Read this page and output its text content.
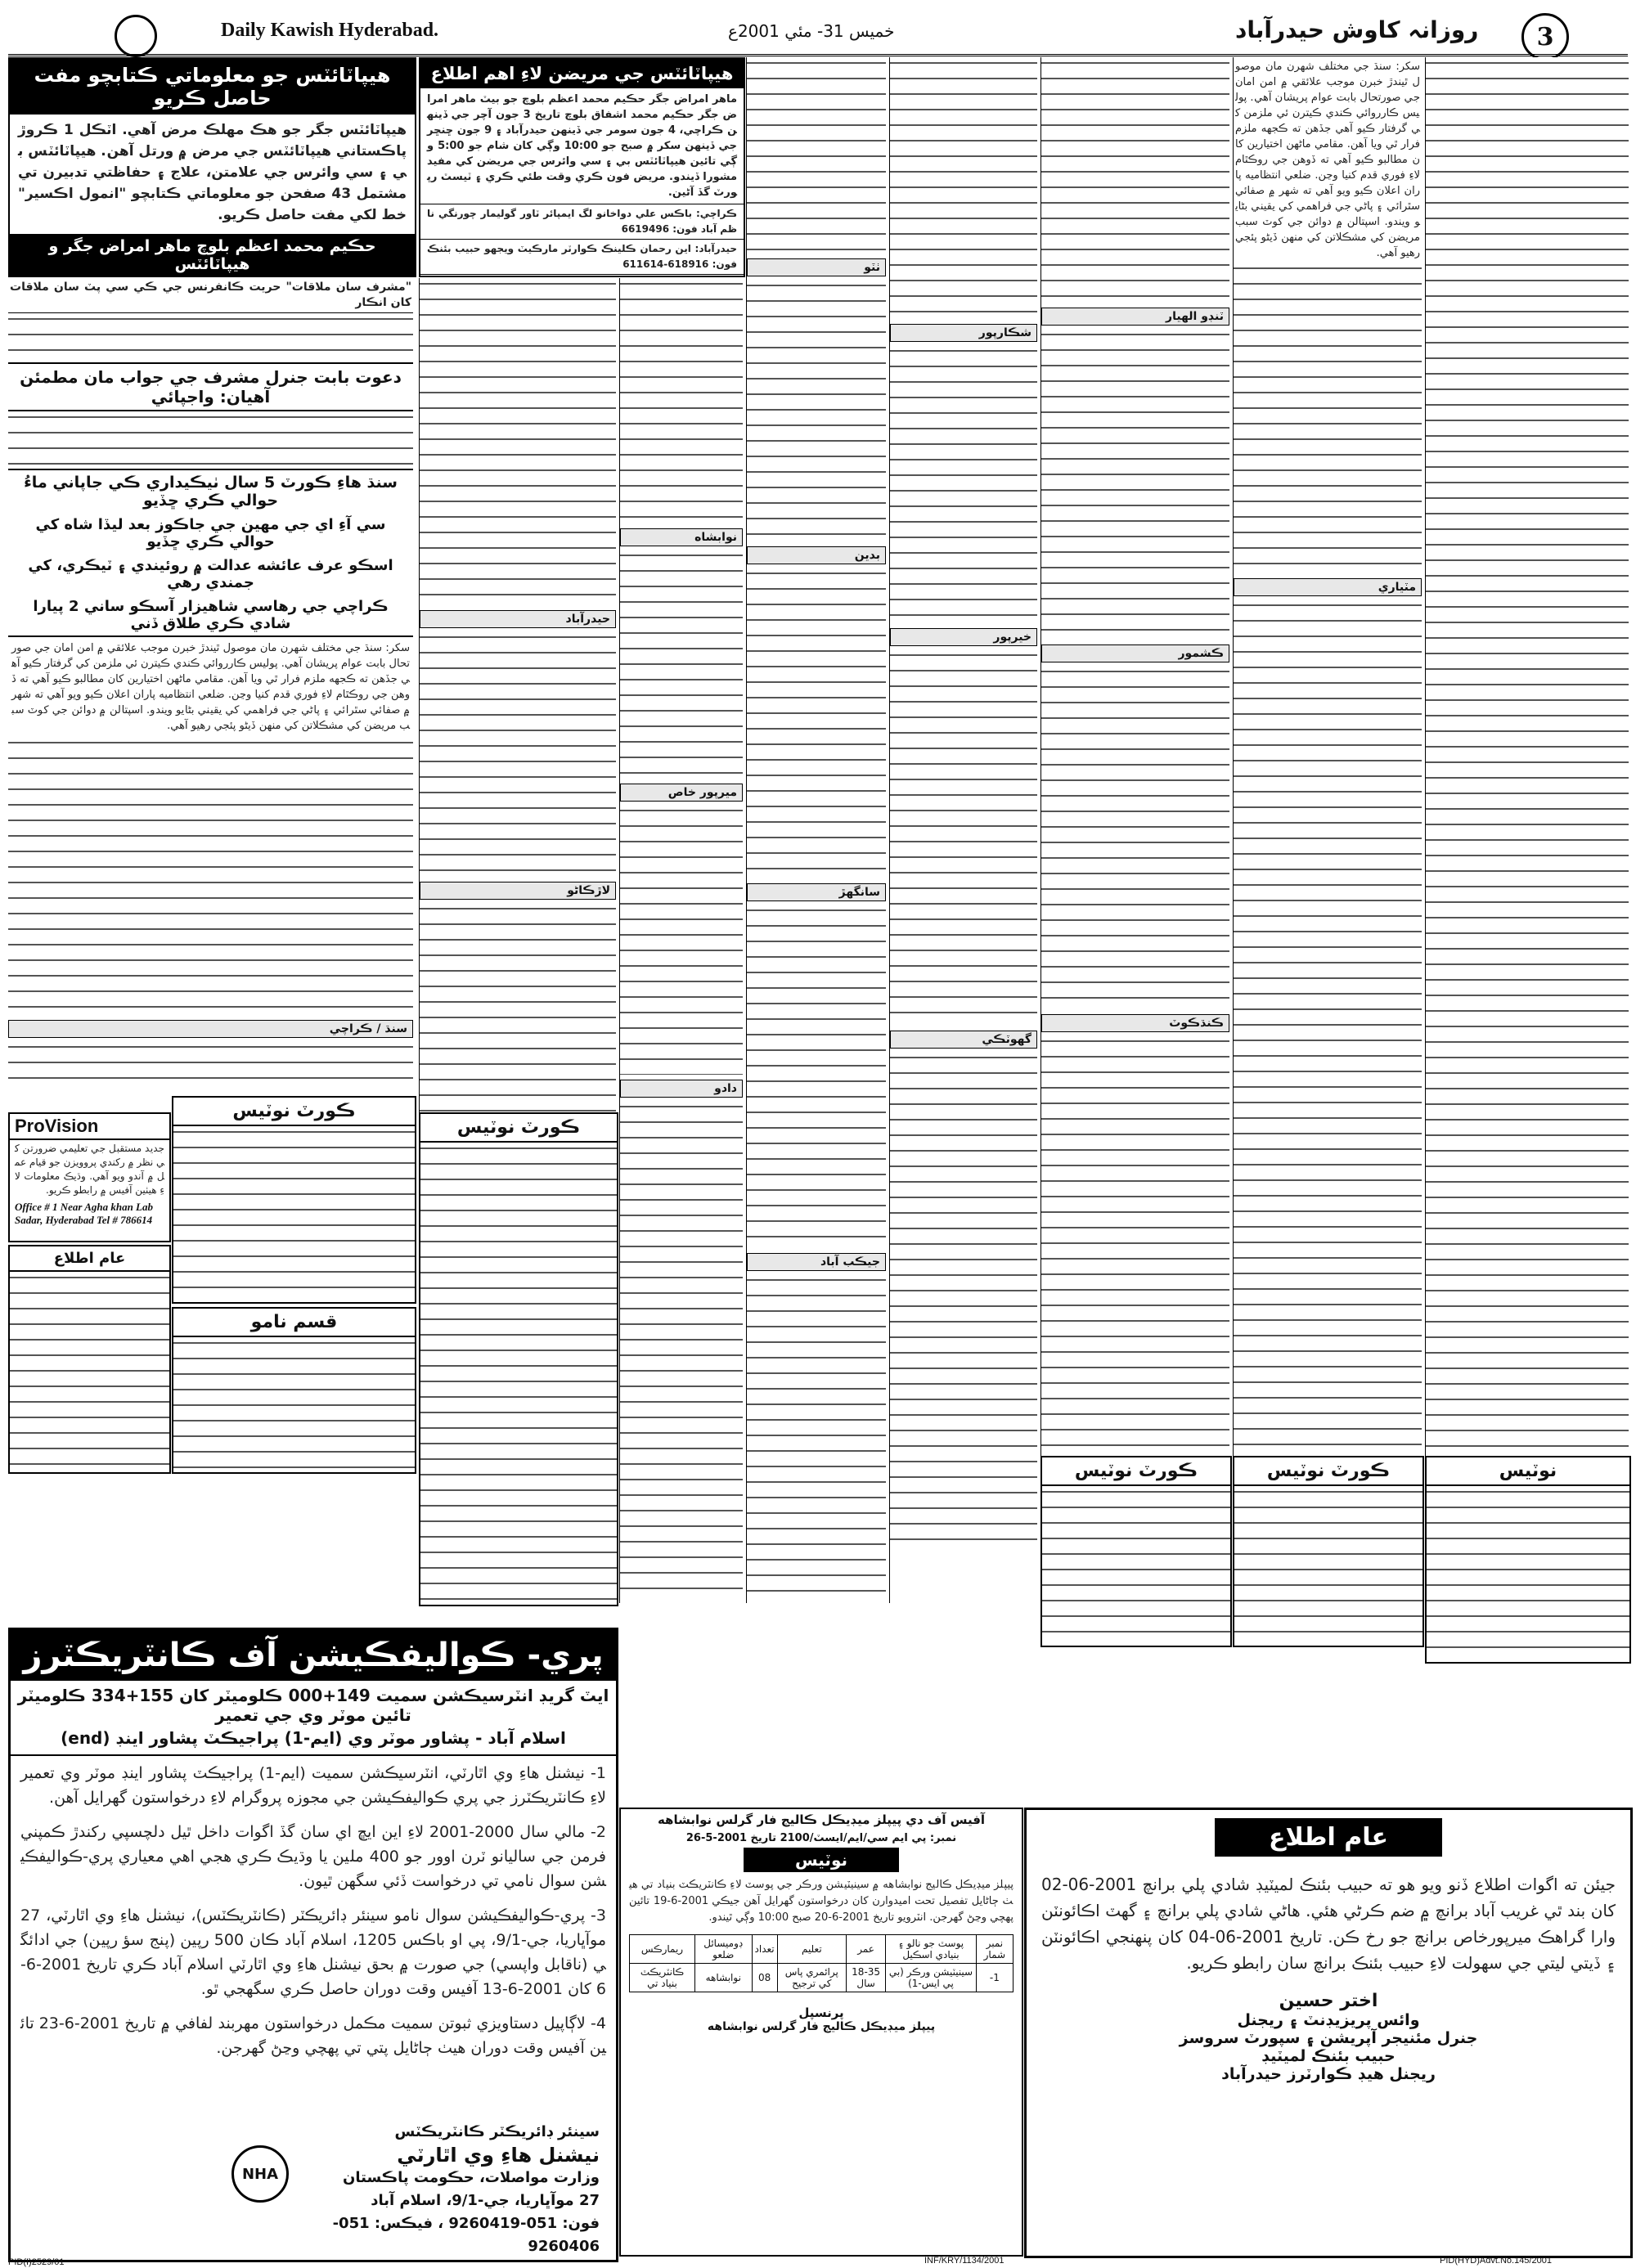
Daily Kawish Hyderabad.	خميس 31- مئي 2001ع	روزانہ کاوش حيدرآباد	3
هيپاٽائٽس جو معلوماتي ڪتابچو مفت حاصل ڪريو
هيپاٽائٽس جگر جو هڪ مهلڪ مرض آهي. اٽڪل 1 ڪروڙ پاڪستاني هيپاٽائٽس جي مرض ۾ ورتل آهن. هيپاٽائٽس بي ۽ سي وائرس جي علامتن، علاج ۽ حفاظتي تدبيرن تي مشتمل 43 صفحن جو معلوماتي ڪتابچو "انمول اڪسير" خط لکي مفت حاصل ڪريو.
حڪيم محمد اعظم بلوچ ماهر امراض جگر و هيپاٽائٽس
هيپاٽائٽس جي مريضن لاءِ اهم اطلاع
ماهر امراض جگر حڪيم محمد اعظم بلوچ جو بيٽ ماهر امراض جگر حڪيم محمد اشفاق بلوچ تاريخ 3 جون آچر جي ڏينهن ڪراچي، 4 جون سومر جي ڏينهن حيدرآباد ۽ 9 جون ڇنڇر جي ڏينهن سکر ۾ صبح جو 10:00 وڳي کان شام جو 5:00 وڳي تائين هيپاٽائٽس بي ۽ سي وائرس جي مريضن کي مفيد مشورا ڏيندو. مريض فون ڪري وقت طئي ڪري ۽ ٽيسٽ رپورٽ گڏ آڻين.
ڪراچي: باڪس علي دواخانو لگ ايمپائر ٽاور گوليمار چورنگي ناظم آباد فون: 6619496
حيدرآباد: اين رحمان ڪلينڪ ڪوارٽر مارڪيٽ ويجهو حبيب بئنڪ فون: 618916-611614
"مشرف سان ملاقات" حريت ڪانفرنس جي ڪي سي پٽ سان ملاقات کان انڪار
دعوت بابت جنرل مشرف جي جواب مان مطمئن آهيان: واجپائي
سنڌ هاءِ ڪورٽ 5 سال ٺيڪيداري ڪي جاپاني ماءُ حوالي ڪري ڇڏيو
سي آءِ اي جي مهين جي جاڪوز بعد ليڏا شاه کي حوالي ڪري ڇڏيو
اسڪو عرف عائشه عدالت ۾ روئيندي ۽ ٽيڪري، کي جمندي رهي
ڪراچي جي رهاسي شاهيزار آسڪو ساني 2 پيارا شادي ڪري طلاق ڏني
سکر: سنڌ جي مختلف شهرن مان موصول ٿيندڙ خبرن موجب علائقي ۾ امن امان جي صورتحال بابت عوام پريشان آهي. پوليس ڪارروائي ڪندي ڪيترن ئي ملزمن کي گرفتار ڪيو آهي جڏهن ته ڪجهه ملزم فرار ٿي ويا آهن. مقامي ماڻهن اختيارين کان مطالبو ڪيو آهي ته ڏوهن جي روڪٿام لاءِ فوري قدم کنيا وڃن. ضلعي انتظاميه پاران اعلان ڪيو ويو آهي ته شهر ۾ صفائي سٿرائي ۽ پاڻي جي فراهمي کي يقيني بڻايو ويندو. اسپتالن ۾ دوائن جي کوٽ سبب مريضن کي مشڪلاتن کي منهن ڏيڻو پئجي رهيو آهي.
سنڌ / ڪراچي
ProVision
جديد مستقبل جي تعليمي ضرورتن کي نظر ۾ رکندي پروويزن جو قيام عمل ۾ آندو ويو آهي. وڌيڪ معلومات لاءِ هيٺين آفيس ۾ رابطو ڪريو.
Office # 1 Near Agha khan Lab Sadar, Hyderabad Tel # 786614
ڪورٽ نوٽيس
قسم نامو
عام اطلاع
حيدرآباد
لاڙڪاڻو
ڪورٽ نوٽيس
نوابشاه
ميرپور خاص
دادو
ٺٽو
بدين
سانگهڙ
جيڪب آباد
شڪارپور
خيرپور
گهوٽڪي
ٽنڊو الهيار
ڪشمور
ڪنڌڪوٽ
سکر: سنڌ جي مختلف شهرن مان موصول ٿيندڙ خبرن موجب علائقي ۾ امن امان جي صورتحال بابت عوام پريشان آهي. پوليس ڪارروائي ڪندي ڪيترن ئي ملزمن کي گرفتار ڪيو آهي جڏهن ته ڪجهه ملزم فرار ٿي ويا آهن. مقامي ماڻهن اختيارين کان مطالبو ڪيو آهي ته ڏوهن جي روڪٿام لاءِ فوري قدم کنيا وڃن. ضلعي انتظاميه پاران اعلان ڪيو ويو آهي ته شهر ۾ صفائي سٿرائي ۽ پاڻي جي فراهمي کي يقيني بڻايو ويندو. اسپتالن ۾ دوائن جي کوٽ سبب مريضن کي مشڪلاتن کي منهن ڏيڻو پئجي رهيو آهي.
مٽياري
ڪورٽ نوٽيس	ڪورٽ نوٽيس	نوٽيس
پري- ڪواليفڪيشن آف ڪانٽريڪٽرز
ايٽ گريڊ انٽرسيڪشن سميت 149+000 ڪلوميٽر کان 155+334 ڪلوميٽر تائين موٽر وي جي تعمير
اسلام آباد - پشاور موٽر وي (ايم-1) پراجيڪٽ پشاور اينڊ (end)
1- نيشنل هاءِ وي اٿارٽي، انٽرسيڪشن سميت (ايم-1) پراجيڪٽ پشاور اينڊ موٽر وي تعمير لاءِ ڪانٽريڪٽرز جي پري ڪواليفڪيشن جي مجوزه پروگرام لاءِ درخواستون گهرايل آهن.
2- مالي سال 2000-2001 لاءِ اين ايڇ اي سان گڏ اگوات داخل ٿيل دلچسپي رکندڙ ڪمپني فرمن جي ساليانو ٽرن اوور جو 400 ملين يا وڌيڪ ڪري هجي اهي معياري پري-ڪواليفڪيشن سوال نامي تي درخواست ڏئي سگهن ٿيون.
3- پري-ڪواليفڪيشن سوال نامو سينئر ڊائريڪٽر (ڪانٽريڪٽس)، نيشنل هاءِ وي اٿارٽي، 27 موآڀاريا، جي-9/1، پي او باڪس 1205، اسلام آباد ڪان 500 رپين (پنج سؤ رپين) جي ادائگي (ناقابل واپسي) جي صورت ۾ بحق نيشنل هاءِ وي اٿارٽي اسلام آباد ڪري تاريخ 2001-6-6 کان 2001-6-13 آفيس وقت دوران حاصل ڪري سگهجي ٿو.
4- لاڳاپيل دستاويزي ثبوتن سميت مڪمل درخواستون مهربند لفافي ۾ تاريخ 2001-6-23 تائين آفيس وقت دوران هيٺ ڄاڻايل پتي تي پهچي وڃڻ گهرجن.
NHA
سينئر ڊائريڪٽر ڪانٽريڪٽس
نيشنل هاءِ وي اٿارٽي
وزارت مواصلات، حڪومت پاڪستان
27 موآڀاريا، جي-9/1، اسلام آباد
فون: 051-9260419 ، فيڪس: 051-9260406
PID(I)2529/01
آفيس آف دي پيپلز ميڊيڪل ڪاليج فار گرلس نوابشاهه
نمبر: پي ايم سي/ايم/ايسٽ/2100 تاريخ 2001-5-26
نوٽيس
پيپلز ميڊيڪل ڪاليج نوابشاهه ۾ سينيٽيشن ورڪر جي پوسٽ لاءِ ڪانٽريڪٽ بنياد تي هيٺ ڄاڻايل تفصيل تحت اميدوارن کان درخواستون گهرايل آهن جيڪي 2001-6-19 تائين پهچي وڃڻ گهرجن. انٽرويو تاريخ 2001-6-20 صبح 10:00 وڳي ٿيندو.
نمبر شمار	پوسٽ جو نالو ۽ بنيادي اسڪيل	عمر	تعليم	تعداد	ڊوميسائل ضلعو	ريمارڪس
1-	سينيٽيشن ورڪر (بي پي ايس-1)	18-35 سال	پرائمري پاس کي ترجيح	08	نوابشاهه	ڪانٽريڪٽ بنياد تي
پرنسپل
پيپلز ميڊيڪل ڪاليج فار گرلس نوابشاهه
INF/KRY/1134/2001
عام اطلاع
جيئن ته اگوات اطلاع ڏنو ويو هو ته حبيب بئنڪ لميٽيڊ شادي پلي برانچ 2001-06-02 کان بند ٿي غريب آباد برانچ ۾ ضم ڪرڻي هئي. هاڻي شادي پلي برانچ ۽ گهٽ اڪائونٽن وارا گراهڪ ميرپورخاص برانچ جو رخ ڪن. تاريخ 2001-06-04 کان پنهنجي اڪائونٽن ۽ ڏيتي ليتي جي سهولت لاءِ حبيب بئنڪ برانچ سان رابطو ڪريو.
اختر حسين
وائس پريزيڊنٽ ۽ ريجنل
جنرل مئنيجر آپريشن ۽ سپورٽ سروسز
حبيب بئنڪ لميٽيڊ
ريجنل هيڊ ڪوارٽرز حيدرآباد
PID(HYD)Advt.No.145/2001
